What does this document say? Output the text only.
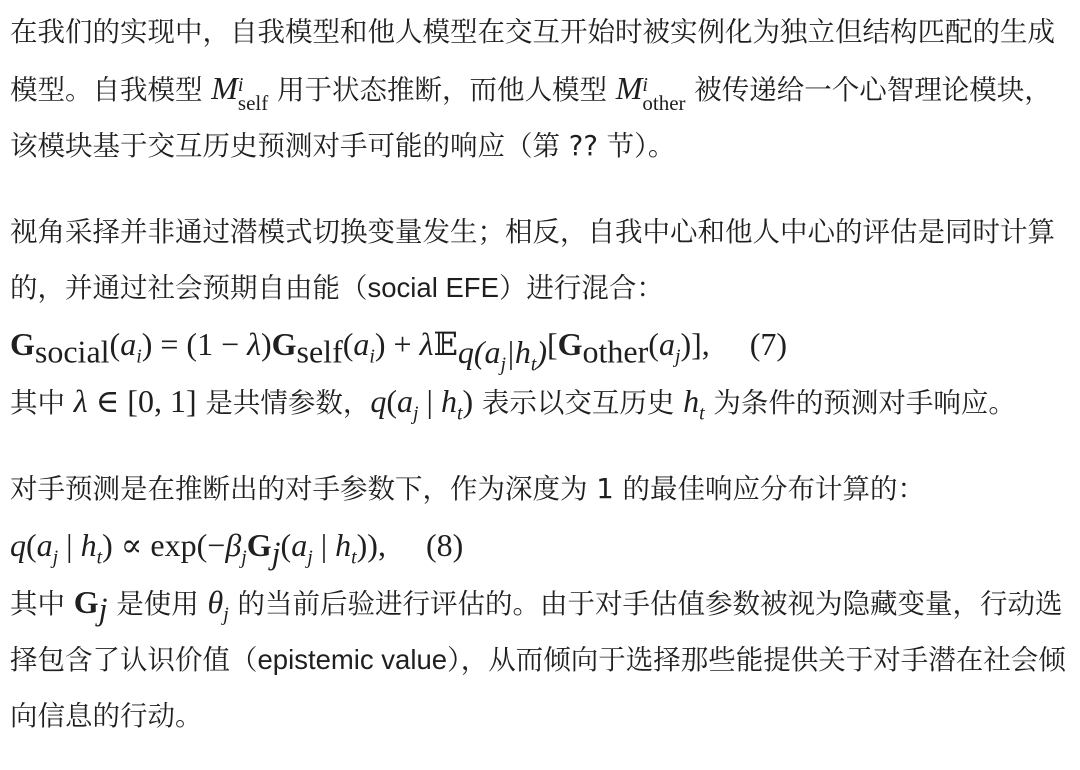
在我们的实现中，自我模型和他人模型在交互开始时被实例化为独立但结构匹配的生成模型。自我模型 M i
self 用于状态推断，而他人模型 M i
other 被传递给一个心智理论模块，该模块基于交互历史预测对手可能的响应（第 ?? 节）。

视角采择并非通过潜模式切换变量发生；相反，自我中心和他人中心的评估是同时计算的，并通过社会预期自由能（social EFE）进行混合：

$G_{social}(a_i) = (1 - \lambda)G_{self}(a_i)$ + $\lambda 𝔼_{q(a_j|h_t)}[G_{other}(a_j)]$, (7)

其中 λ ∈ [0, 1] 是共情参数，$q(a_j$ | $h_t$) 表示以交互历史 $h_t$ 为条件的预测对手响应。

对手预测是在推断出的对手参数下，作为深度为 1 的最佳响应分布计算的：

$q(a_j$ | $h_t) \propto \exp(-\beta_jG_j(a_j$ | $h_t$)), (8)

其中 $G_j$ 是使用 $\theta_j$ 的当前后验进行评估的。由于对手估值参数被视为隐藏变量，行动选择包含了认识价值（epistemic value），从而倾向于选择那些能提供关于对手潜在社会倾向信息的行动。
